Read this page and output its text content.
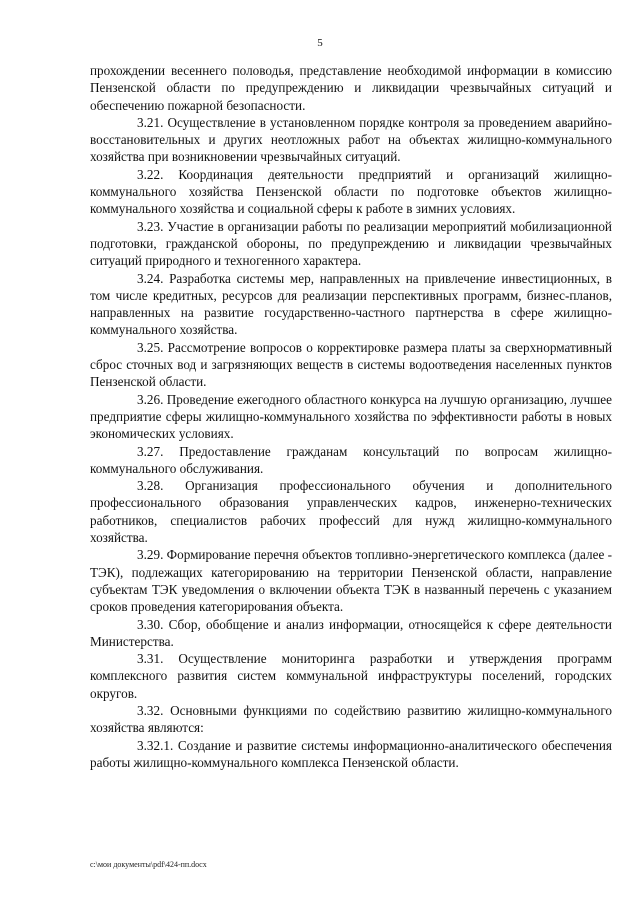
5

прохождении весеннего половодья, представление необходимой информации в комиссию Пензенской области по предупреждению и ликвидации чрезвычайных ситуаций и обеспечению пожарной безопасности.

3.21. Осуществление в установленном порядке контроля за проведением аварийно-восстановительных и других неотложных работ на объектах жилищно-коммунального хозяйства при возникновении чрезвычайных ситуаций.

3.22. Координация деятельности предприятий и организаций жилищно-коммунального хозяйства Пензенской области по подготовке объектов жилищно-коммунального хозяйства и социальной сферы к работе в зимних условиях.

3.23. Участие в организации работы по реализации мероприятий мобилизационной подготовки, гражданской обороны, по предупреждению и ликвидации чрезвычайных ситуаций природного и техногенного характера.

3.24. Разработка системы мер, направленных на привлечение инвестиционных, в том числе кредитных, ресурсов для реализации перспективных программ, бизнес-планов, направленных на развитие государственно-частного партнерства в сфере жилищно-коммунального хозяйства.

3.25. Рассмотрение вопросов о корректировке размера платы за сверхнормативный сброс сточных вод и загрязняющих веществ в системы водоотведения населенных пунктов Пензенской области.

3.26. Проведение ежегодного областного конкурса на лучшую организацию, лучшее предприятие сферы жилищно-коммунального хозяйства по эффективности работы в новых экономических условиях.

3.27. Предоставление гражданам консультаций по вопросам жилищно-коммунального обслуживания.

3.28. Организация профессионального обучения и дополнительного профессионального образования управленческих кадров, инженерно-технических работников, специалистов рабочих профессий для нужд жилищно-коммунального хозяйства.

3.29. Формирование перечня объектов топливно-энергетического комплекса (далее - ТЭК), подлежащих категорированию на территории Пензенской области, направление субъектам ТЭК уведомления о включении объекта ТЭК в названный перечень с указанием сроков проведения категорирования объекта.

3.30. Сбор, обобщение и анализ информации, относящейся к сфере деятельности Министерства.

3.31. Осуществление мониторинга разработки и утверждения программ комплексного развития систем коммунальной инфраструктуры поселений, городских округов.

3.32. Основными функциями по содействию развитию жилищно-коммунального хозяйства являются:

3.32.1. Создание и развитие системы информационно-аналитического обеспечения работы жилищно-коммунального комплекса Пензенской области.

c:\мои документы\pdf\424-пп.docx
